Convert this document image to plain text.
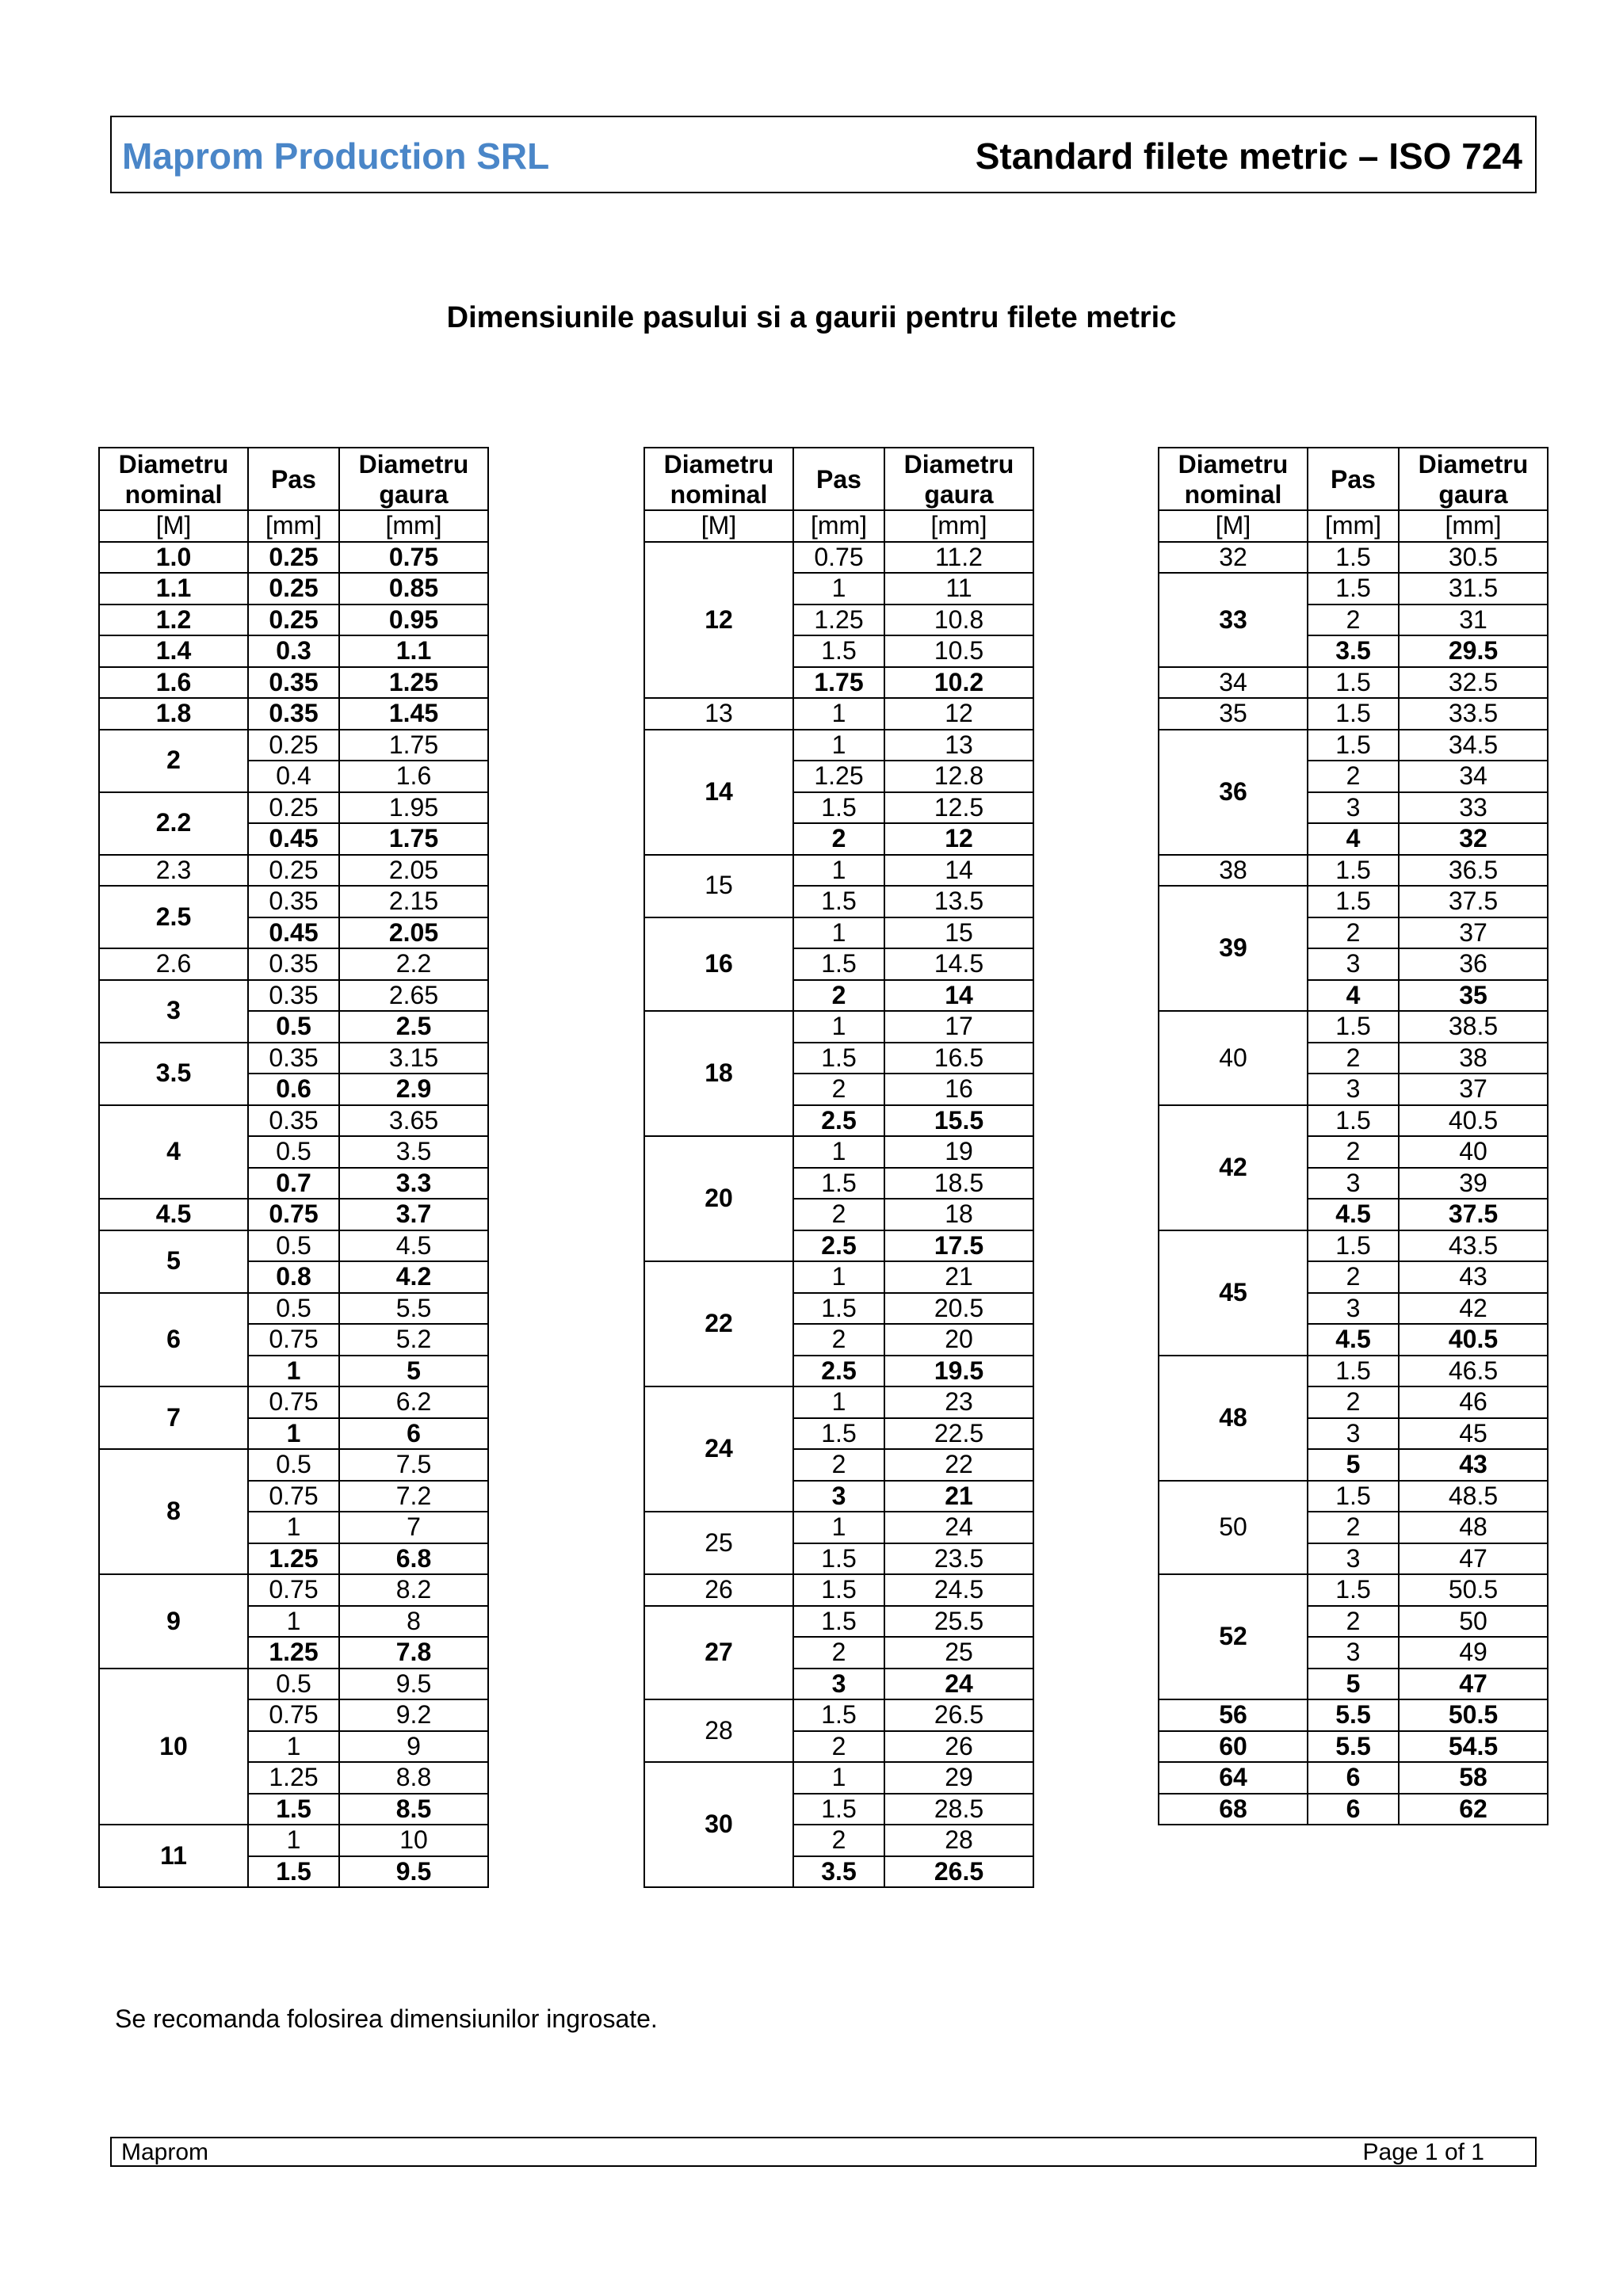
Maprom Production SRL	Standard filete metric – ISO 724
Dimensiunile pasului si a gaurii pentru filete metric
Diametru nominal	Pas	Diametru gaura
[M]	[mm]	[mm]
1.0	0.25	0.75
1.1	0.25	0.85
1.2	0.25	0.95
1.4	0.3	1.1
1.6	0.35	1.25
1.8	0.35	1.45
2	0.25	1.75
	0.4	1.6
2.2	0.25	1.95
	0.45	1.75
2.3	0.25	2.05
2.5	0.35	2.15
	0.45	2.05
2.6	0.35	2.2
3	0.35	2.65
	0.5	2.5
3.5	0.35	3.15
	0.6	2.9
4	0.35	3.65
	0.5	3.5
	0.7	3.3
4.5	0.75	3.7
5	0.5	4.5
	0.8	4.2
6	0.5	5.5
	0.75	5.2
	1	5
7	0.75	6.2
	1	6
8	0.5	7.5
	0.75	7.2
	1	7
	1.25	6.8
9	0.75	8.2
	1	8
	1.25	7.8
10	0.5	9.5
	0.75	9.2
	1	9
	1.25	8.8
	1.5	8.5
11	1	10
	1.5	9.5
Diametru nominal	Pas	Diametru gaura
[M]	[mm]	[mm]
12	0.75	11.2
	1	11
	1.25	10.8
	1.5	10.5
	1.75	10.2
13	1	12
14	1	13
	1.25	12.8
	1.5	12.5
	2	12
15	1	14
	1.5	13.5
16	1	15
	1.5	14.5
	2	14
18	1	17
	1.5	16.5
	2	16
	2.5	15.5
20	1	19
	1.5	18.5
	2	18
	2.5	17.5
22	1	21
	1.5	20.5
	2	20
	2.5	19.5
24	1	23
	1.5	22.5
	2	22
	3	21
25	1	24
	1.5	23.5
26	1.5	24.5
27	1.5	25.5
	2	25
	3	24
28	1.5	26.5
	2	26
30	1	29
	1.5	28.5
	2	28
	3.5	26.5
Diametru nominal	Pas	Diametru gaura
[M]	[mm]	[mm]
32	1.5	30.5
33	1.5	31.5
	2	31
	3.5	29.5
34	1.5	32.5
35	1.5	33.5
36	1.5	34.5
	2	34
	3	33
	4	32
38	1.5	36.5
39	1.5	37.5
	2	37
	3	36
	4	35
40	1.5	38.5
	2	38
	3	37
42	1.5	40.5
	2	40
	3	39
	4.5	37.5
45	1.5	43.5
	2	43
	3	42
	4.5	40.5
48	1.5	46.5
	2	46
	3	45
	5	43
50	1.5	48.5
	2	48
	3	47
52	1.5	50.5
	2	50
	3	49
	5	47
56	5.5	50.5
60	5.5	54.5
64	6	58
68	6	62
Se recomanda folosirea dimensiunilor ingrosate.
Maprom	Page 1 of 1
